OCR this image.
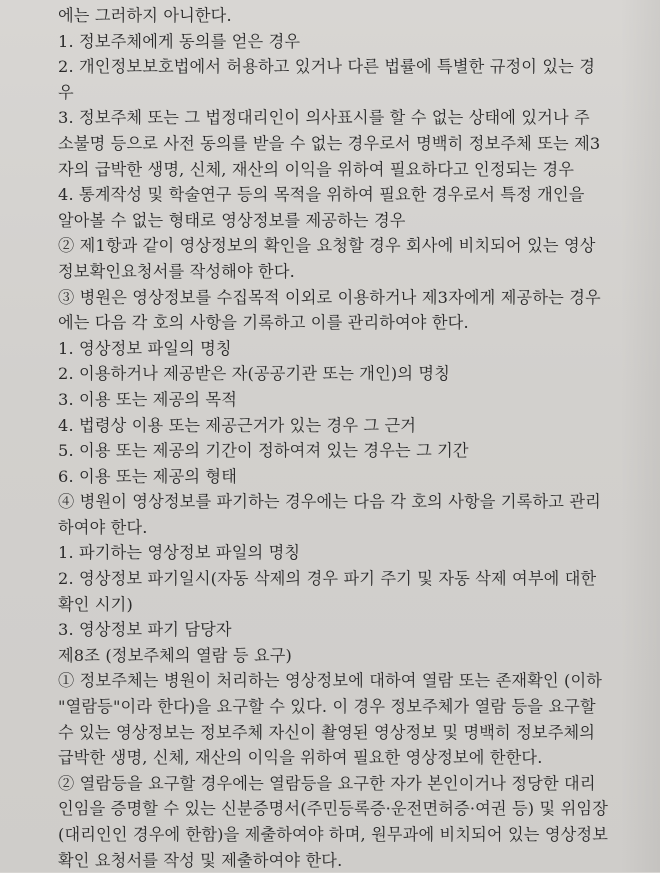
에는 그러하지 아니한다.
1. 정보주체에게 동의를 얻은 경우
2. 개인정보보호법에서 허용하고 있거나 다른 법률에 특별한 규정이 있는 경
우
3. 정보주체 또는 그 법정대리인이 의사표시를 할 수 없는 상태에 있거나 주
소불명 등으로 사전 동의를 받을 수 없는 경우로서 명백히 정보주체 또는 제3
자의 급박한 생명, 신체, 재산의 이익을 위하여 필요하다고 인정되는 경우
4. 통계작성 및 학술연구 등의 목적을 위하여 필요한 경우로서 특정 개인을
알아볼 수 없는 형태로 영상정보를 제공하는 경우
② 제1항과 같이 영상정보의 확인을 요청할 경우 회사에 비치되어 있는 영상
정보확인요청서를 작성해야 한다.
③ 병원은 영상정보를 수집목적 이외로 이용하거나 제3자에게 제공하는 경우
에는 다음 각 호의 사항을 기록하고 이를 관리하여야 한다.
1. 영상정보 파일의 명칭
2. 이용하거나 제공받은 자(공공기관 또는 개인)의 명칭
3. 이용 또는 제공의 목적
4. 법령상 이용 또는 제공근거가 있는 경우 그 근거
5. 이용 또는 제공의 기간이 정하여져 있는 경우는 그 기간
6. 이용 또는 제공의 형태
④ 병원이 영상정보를 파기하는 경우에는 다음 각 호의 사항을 기록하고 관리
하여야 한다.
1. 파기하는 영상정보 파일의 명칭
2. 영상정보 파기일시(자동 삭제의 경우 파기 주기 및 자동 삭제 여부에 대한
확인 시기)
3. 영상정보 파기 담당자
제8조 (정보주체의 열람 등 요구)
① 정보주체는 병원이 처리하는 영상정보에 대하여 열람 또는 존재확인 (이하
"열람등"이라 한다)을 요구할 수 있다. 이 경우 정보주체가 열람 등을 요구할
수 있는 영상정보는 정보주체 자신이 촬영된 영상정보 및 명백히 정보주체의
급박한 생명, 신체, 재산의 이익을 위하여 필요한 영상정보에 한한다.
② 열람등을 요구할 경우에는 열람등을 요구한 자가 본인이거나 정당한 대리
인임을 증명할 수 있는 신분증명서(주민등록증·운전면허증·여권 등) 및 위임장
(대리인인 경우에 한함)을 제출하여야 하며, 원무과에 비치되어 있는 영상정보
확인 요청서를 작성 및 제출하여야 한다.
